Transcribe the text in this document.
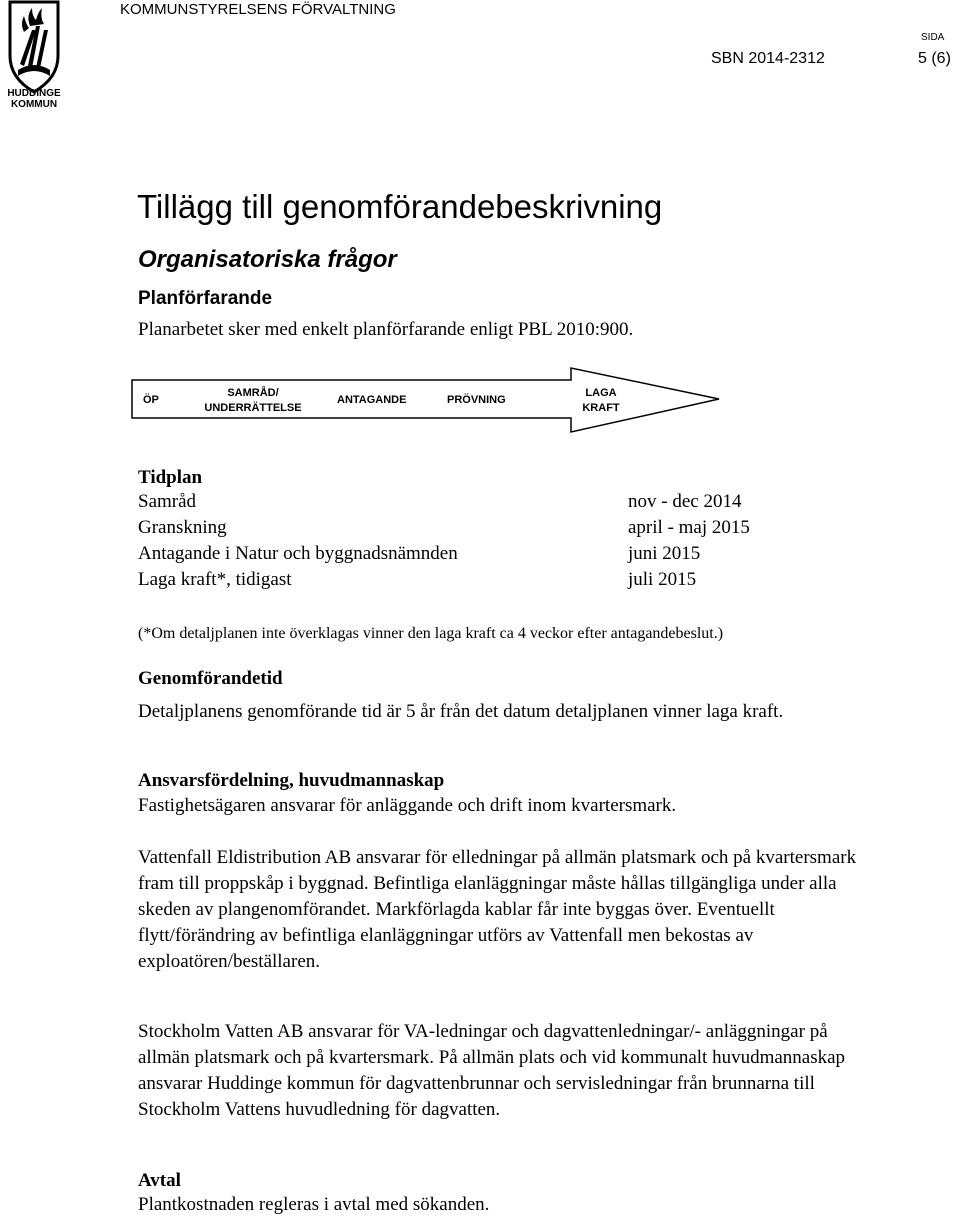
HUDDINGE KOMMUN
KOMMUNSTYRELSENS FÖRVALTNING
SIDA
SBN 2014-2312	5 (6)
Tillägg till genomförandebeskrivning
Organisatoriska frågor
Planförfarande
Planarbetet sker med enkelt planförfarande enligt PBL 2010:900.
ÖP
SAMRÅD/
UNDERRÄTTELSE
ANTAGANDE	PRÖVNING
LAGA
KRAFT
Tidplan
Samråd	nov - dec 2014
Granskning	april - maj 2015
Antagande i Natur och byggnadsnämnden	juni 2015
Laga kraft*, tidigast	juli 2015
(*Om detaljplanen inte överklagas vinner den laga kraft ca 4 veckor efter antagandebeslut.)
Genomförandetid
Detaljplanens genomförande tid är 5 år från det datum detaljplanen vinner laga kraft.
Ansvarsfördelning, huvudmannaskap
Fastighetsägaren ansvarar för anläggande och drift inom kvartersmark.
Vattenfall Eldistribution AB ansvarar för elledningar på allmän platsmark och på kvartersmark fram till proppskåp i byggnad. Befintliga elanläggningar måste hållas tillgängliga under alla skeden av plangenomförandet. Markförlagda kablar får inte byggas över. Eventuellt flytt/förändring av befintliga elanläggningar utförs av Vattenfall men bekostas av exploatören/beställaren.
Stockholm Vatten AB ansvarar för VA-ledningar och dagvattenledningar/- anläggningar på allmän platsmark och på kvartersmark. På allmän plats och vid kommunalt huvudmannaskap ansvarar Huddinge kommun för dagvattenbrunnar och servisledningar från brunnarna till Stockholm Vattens huvudledning för dagvatten.
Avtal
Plantkostnaden regleras i avtal med sökanden.
